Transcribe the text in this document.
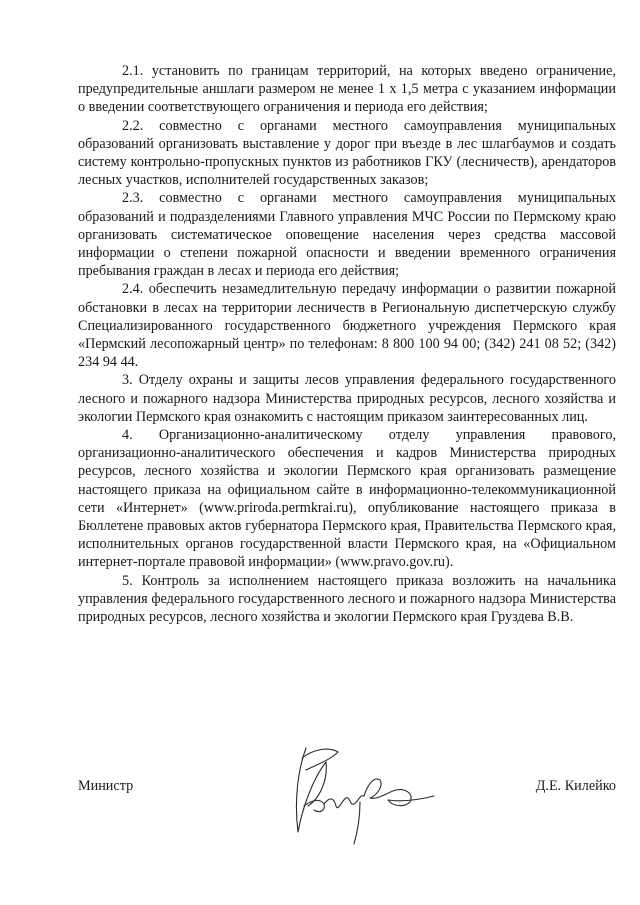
2.1. установить по границам территорий, на которых введено ограничение, предупредительные аншлаги размером не менее 1 х 1,5 метра с указанием информации о введении соответствующего ограничения и периода его действия;

2.2. совместно с органами местного самоуправления муниципальных образований организовать выставление у дорог при въезде в лес шлагбаумов и создать систему контрольно-пропускных пунктов из работников ГКУ (лесничеств), арендаторов лесных участков, исполнителей государственных заказов;

2.3. совместно с органами местного самоуправления муниципальных образований и подразделениями Главного управления МЧС России по Пермскому краю организовать систематическое оповещение населения через средства массовой информации о степени пожарной опасности и введении временного ограничения пребывания граждан в лесах и периода его действия;

2.4. обеспечить незамедлительную передачу информации о развитии пожарной обстановки в лесах на территории лесничеств в Региональную диспетчерскую службу Специализированного государственного бюджетного учреждения Пермского края «Пермский лесопожарный центр» по телефонам: 8 800 100 94 00; (342) 241 08 52; (342) 234 94 44.

3. Отделу охраны и защиты лесов управления федерального государственного лесного и пожарного надзора Министерства природных ресурсов, лесного хозяйства и экологии Пермского края ознакомить с настоящим приказом заинтересованных лиц.

4. Организационно-аналитическому отделу управления правового, организационно-аналитического обеспечения и кадров Министерства природных ресурсов, лесного хозяйства и экологии Пермского края организовать размещение настоящего приказа на официальном сайте в информационно-телекоммуникационной сети «Интернет» (www.priroda.permkrai.ru), опубликование настоящего приказа в Бюллетене правовых актов губернатора Пермского края, Правительства Пермского края, исполнительных органов государственной власти Пермского края, на «Официальном интернет-портале правовой информации» (www.pravo.gov.ru).

5. Контроль за исполнением настоящего приказа возложить на начальника управления федерального государственного лесного и пожарного надзора Министерства природных ресурсов, лесного хозяйства и экологии Пермского края Груздева В.В.

Министр	Д.Е. Килейко
